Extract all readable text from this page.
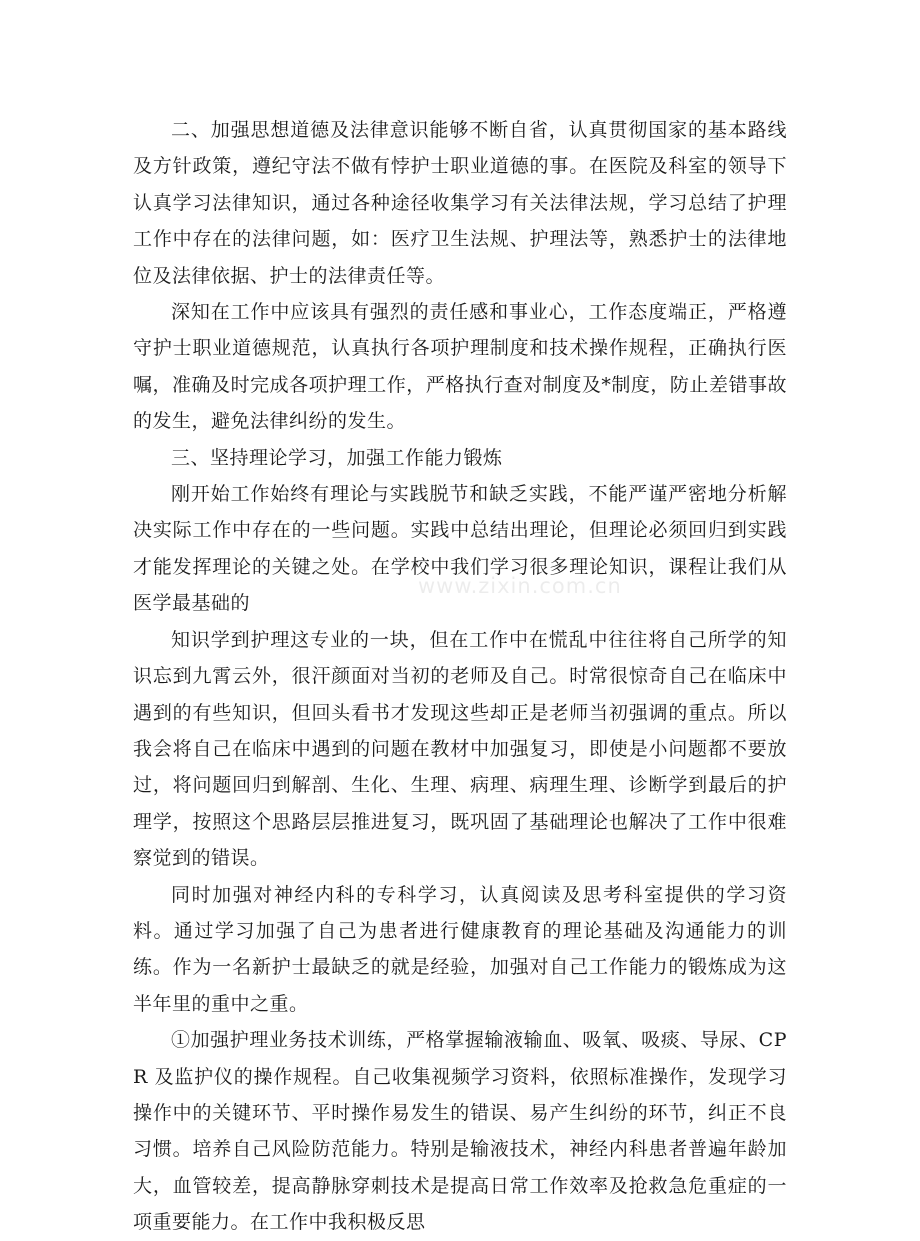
二、加强思想道德及法律意识能够不断自省，认真贯彻国家的基本路线及方针政策，遵纪守法不做有悖护士职业道德的事。在医院及科室的领导下认真学习法律知识，通过各种途径收集学习有关法律法规，学习总结了护理工作中存在的法律问题，如：医疗卫生法规、护理法等，熟悉护士的法律地位及法律依据、护士的法律责任等。

深知在工作中应该具有强烈的责任感和事业心，工作态度端正，严格遵守护士职业道德规范，认真执行各项护理制度和技术操作规程，正确执行医嘱，准确及时完成各项护理工作，严格执行查对制度及*制度，防止差错事故的发生，避免法律纠纷的发生。

三、坚持理论学习，加强工作能力锻炼

刚开始工作始终有理论与实践脱节和缺乏实践，不能严谨严密地分析解决实际工作中存在的一些问题。实践中总结出理论，但理论必须回归到实践才能发挥理论的关键之处。在学校中我们学习很多理论知识，课程让我们从医学最基础的

知识学到护理这专业的一块，但在工作中在慌乱中往往将自己所学的知识忘到九霄云外，很汗颜面对当初的老师及自己。时常很惊奇自己在临床中遇到的有些知识，但回头看书才发现这些却正是老师当初强调的重点。所以我会将自己在临床中遇到的问题在教材中加强复习，即使是小问题都不要放过，将问题回归到解剖、生化、生理、病理、病理生理、诊断学到最后的护理学，按照这个思路层层推进复习，既巩固了基础理论也解决了工作中很难察觉到的错误。

同时加强对神经内科的专科学习，认真阅读及思考科室提供的学习资料。通过学习加强了自己为患者进行健康教育的理论基础及沟通能力的训练。作为一名新护士最缺乏的就是经验，加强对自己工作能力的锻炼成为这半年里的重中之重。

①加强护理业务技术训练，严格掌握输液输血、吸氧、吸痰、导尿、CPR 及监护仪的操作规程。自己收集视频学习资料，依照标准操作，发现学习操作中的关键环节、平时操作易发生的错误、易产生纠纷的环节，纠正不良习惯。培养自己风险防范能力。特别是输液技术，神经内科患者普遍年龄加大，血管较差，提高静脉穿刺技术是提高日常工作效率及抢救急危重症的一项重要能力。在工作中我积极反思

www.zixin.com.cn
